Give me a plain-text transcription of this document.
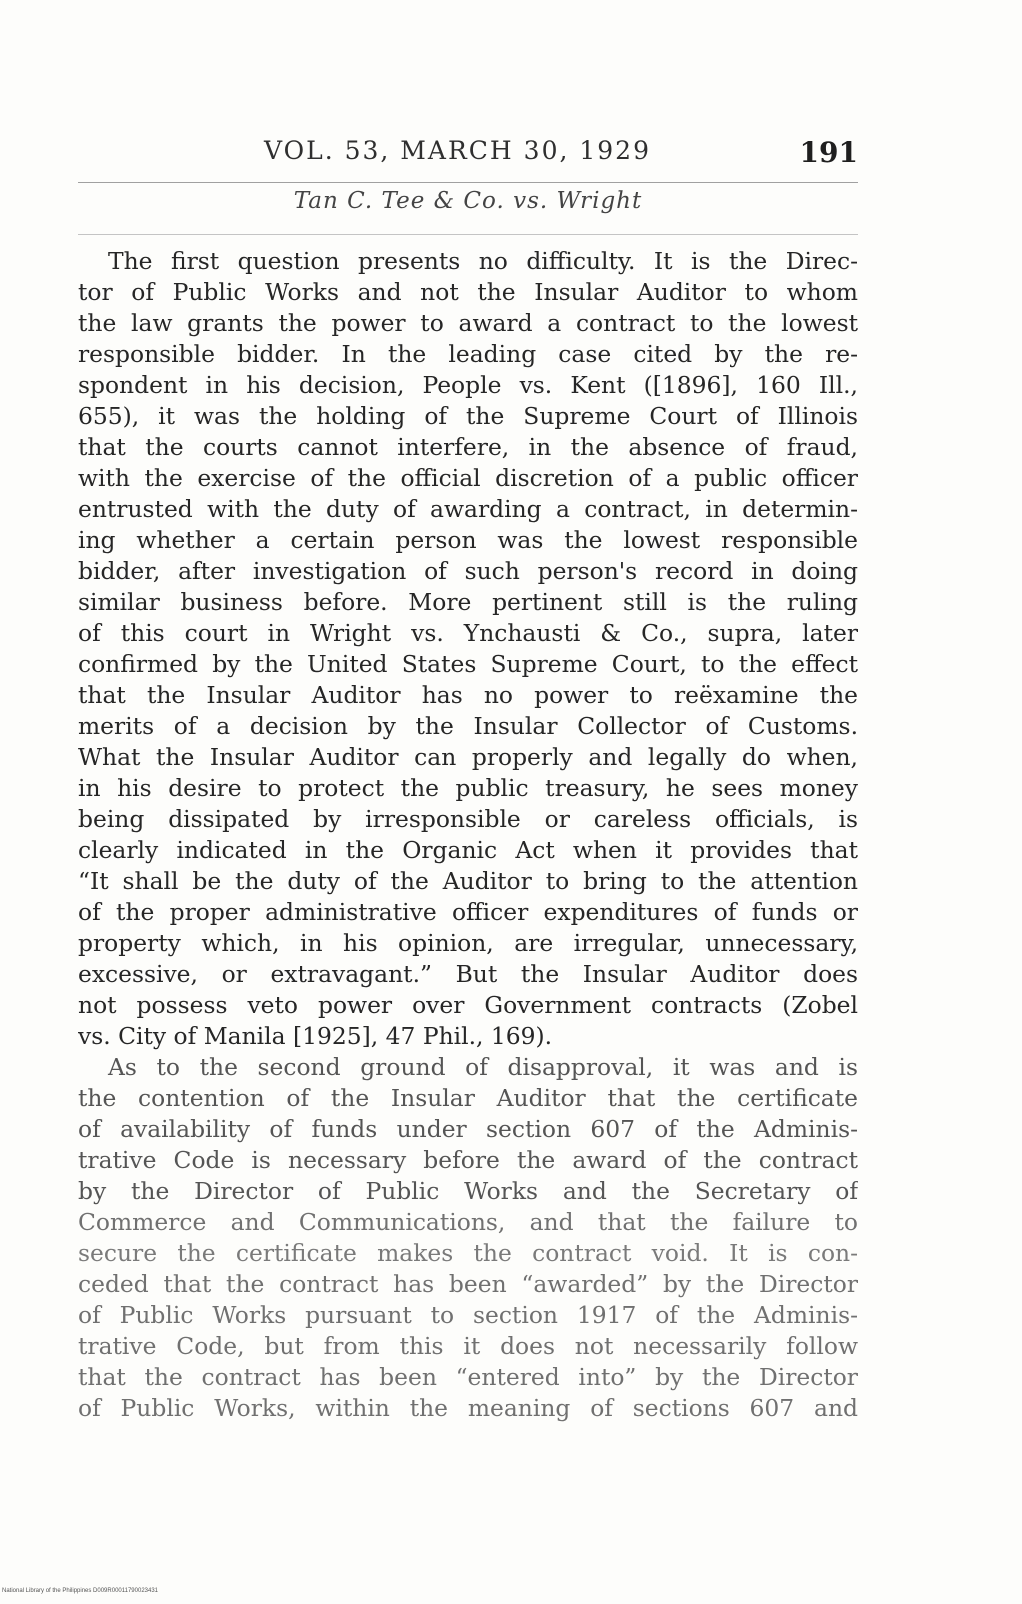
VOL. 53, MARCH 30, 1929	191
Tan C. Tee & Co. vs. Wright
The first question presents no difficulty. It is the Direc-
tor of Public Works and not the Insular Auditor to whom
the law grants the power to award a contract to the lowest
responsible bidder. In the leading case cited by the re-
spondent in his decision, People vs. Kent ([1896], 160 Ill.,
655), it was the holding of the Supreme Court of Illinois
that the courts cannot interfere, in the absence of fraud,
with the exercise of the official discretion of a public officer
entrusted with the duty of awarding a contract, in determin-
ing whether a certain person was the lowest responsible
bidder, after investigation of such person's record in doing
similar business before. More pertinent still is the ruling
of this court in Wright vs. Ynchausti & Co., supra, later
confirmed by the United States Supreme Court, to the effect
that the Insular Auditor has no power to reëxamine the
merits of a decision by the Insular Collector of Customs.
What the Insular Auditor can properly and legally do when,
in his desire to protect the public treasury, he sees money
being dissipated by irresponsible or careless officials, is
clearly indicated in the Organic Act when it provides that
“It shall be the duty of the Auditor to bring to the attention
of the proper administrative officer expenditures of funds or
property which, in his opinion, are irregular, unnecessary,
excessive, or extravagant.” But the Insular Auditor does
not possess veto power over Government contracts (Zobel
vs. City of Manila [1925], 47 Phil., 169).
As to the second ground of disapproval, it was and is
the contention of the Insular Auditor that the certificate
of availability of funds under section 607 of the Adminis-
trative Code is necessary before the award of the contract
by the Director of Public Works and the Secretary of
Commerce and Communications, and that the failure to
secure the certificate makes the contract void. It is con-
ceded that the contract has been “awarded” by the Director
of Public Works pursuant to section 1917 of the Adminis-
trative Code, but from this it does not necessarily follow
that the contract has been “entered into” by the Director
of Public Works, within the meaning of sections 607 and
National Library of the Philippines D009R00011790023431
